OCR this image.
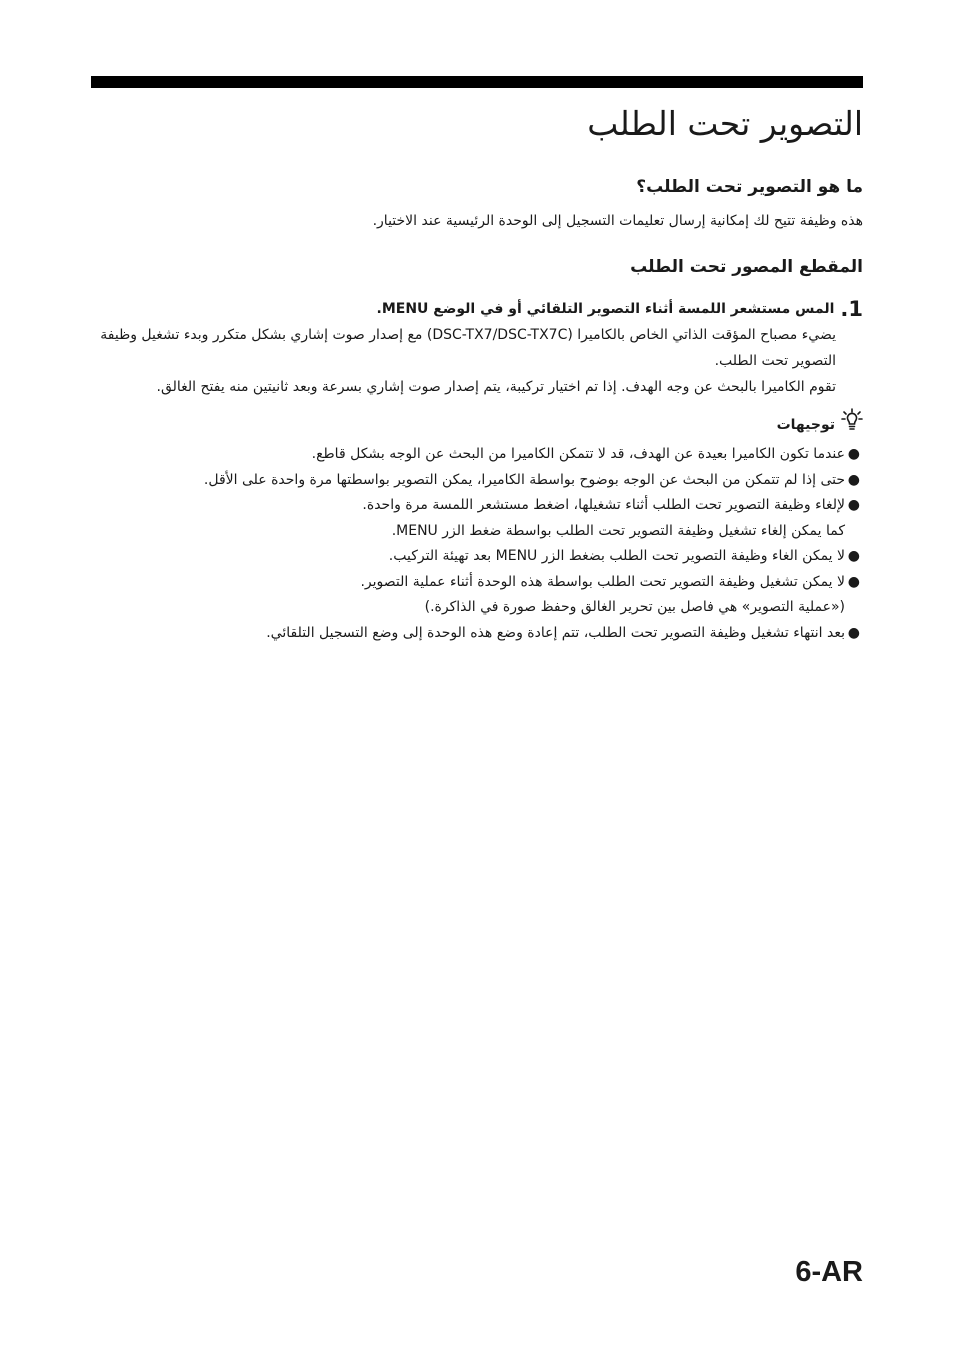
التصوير تحت الطلب
ما هو التصوير تحت الطلب؟

هذه وظيفة تتيح لك إمكانية إرسال تعليمات التسجيل إلى الوحدة الرئيسية عند الاختيار.

المقطع المصور تحت الطلب
1.
المس مستشعر اللمسة أثناء التصوير التلقائي أو في الوضع MENU.

يضيء مصباح المؤقت الذاتي الخاص بالكاميرا (DSC-TX7/DSC-TX7C) مع إصدار صوت إشاري بشكل متكرر وبدء تشغيل وظيفة التصوير تحت الطلب.

تقوم الكاميرا بالبحث عن وجه الهدف. إذا تم اختيار تركيبة، يتم إصدار صوت إشاري بسرعة وبعد ثانيتين منه يفتح الغالق.

توجيهات
●
عندما تكون الكاميرا بعيدة عن الهدف، قد لا تتمكن الكاميرا من البحث عن الوجه بشكل قاطع.
●
حتى إذا لم تتمكن من البحث عن الوجه بوضوح بواسطة الكاميرا، يمكن التصوير بواسطتها مرة واحدة على الأقل.
●
لإلغاء وظيفة التصوير تحت الطلب أثناء تشغيلها، اضغط مستشعر اللمسة مرة واحدة.
كما يمكن إلغاء تشغيل وظيفة التصوير تحت الطلب بواسطة ضغط الزر MENU.
●
لا يمكن الغاء وظيفة التصوير تحت الطلب بضغط الزر MENU بعد تهيئة التركيب.
●
لا يمكن تشغيل وظيفة التصوير تحت الطلب بواسطة هذه الوحدة أثناء عملية التصوير.
(«عملية التصوير» هي فاصل بين تحرير الغالق وحفظ صورة في الذاكرة.)
●
بعد انتهاء تشغيل وظيفة التصوير تحت الطلب، تتم إعادة وضع هذه الوحدة إلى وضع التسجيل التلقائي.
6-AR
